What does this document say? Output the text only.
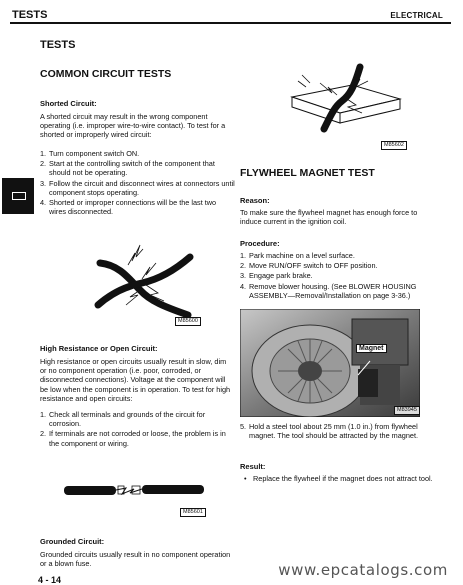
TESTS	ELECTRICAL
TESTS
COMMON CIRCUIT TESTS
Shorted Circuit:

A shorted circuit may result in the wrong component operating (i.e. improper wire-to-wire contact). To test for a shorted or improperly wired circuit:

1. Turn component switch ON.
2. Start at the controlling switch of the component that should not be operating.
3. Follow the circuit and disconnect wires at connectors until component stops operating.
4. Shorted or improper connections will be the last two wires disconnected.
M85600
High Resistance or Open Circuit:

High resistance or open circuits usually result in slow, dim or no component operation (i.e. poor, corroded, or disconnected connections). Voltage at the component will be low when the component is in operation. To test for high resistance and open circuits:

1. Check all terminals and grounds of the circuit for corrosion.
2. If terminals are not corroded or loose, the problem is in the component or wiring.
M85601
Grounded Circuit:

Grounded circuits usually result in no component operation or a blown fuse.

M85602
FLYWHEEL MAGNET TEST
Reason:

To make sure the flywheel magnet has enough force to induce current in the ignition coil.

Procedure:
1. Park machine on a level surface.
2. Move RUN/OFF switch to OFF position.
3. Engage park brake.
4. Remove blower housing. (See BLOWER HOUSING ASSEMBLY—Removal/Installation on page 3-36.)
Magnet
M83945
5. Hold a steel tool about 25 mm (1.0 in.) from flywheel magnet. The tool should be attracted by the magnet.
Result:
• Replace the flywheel if the magnet does not attract tool.
www.epcatalogs.com
4 - 14
